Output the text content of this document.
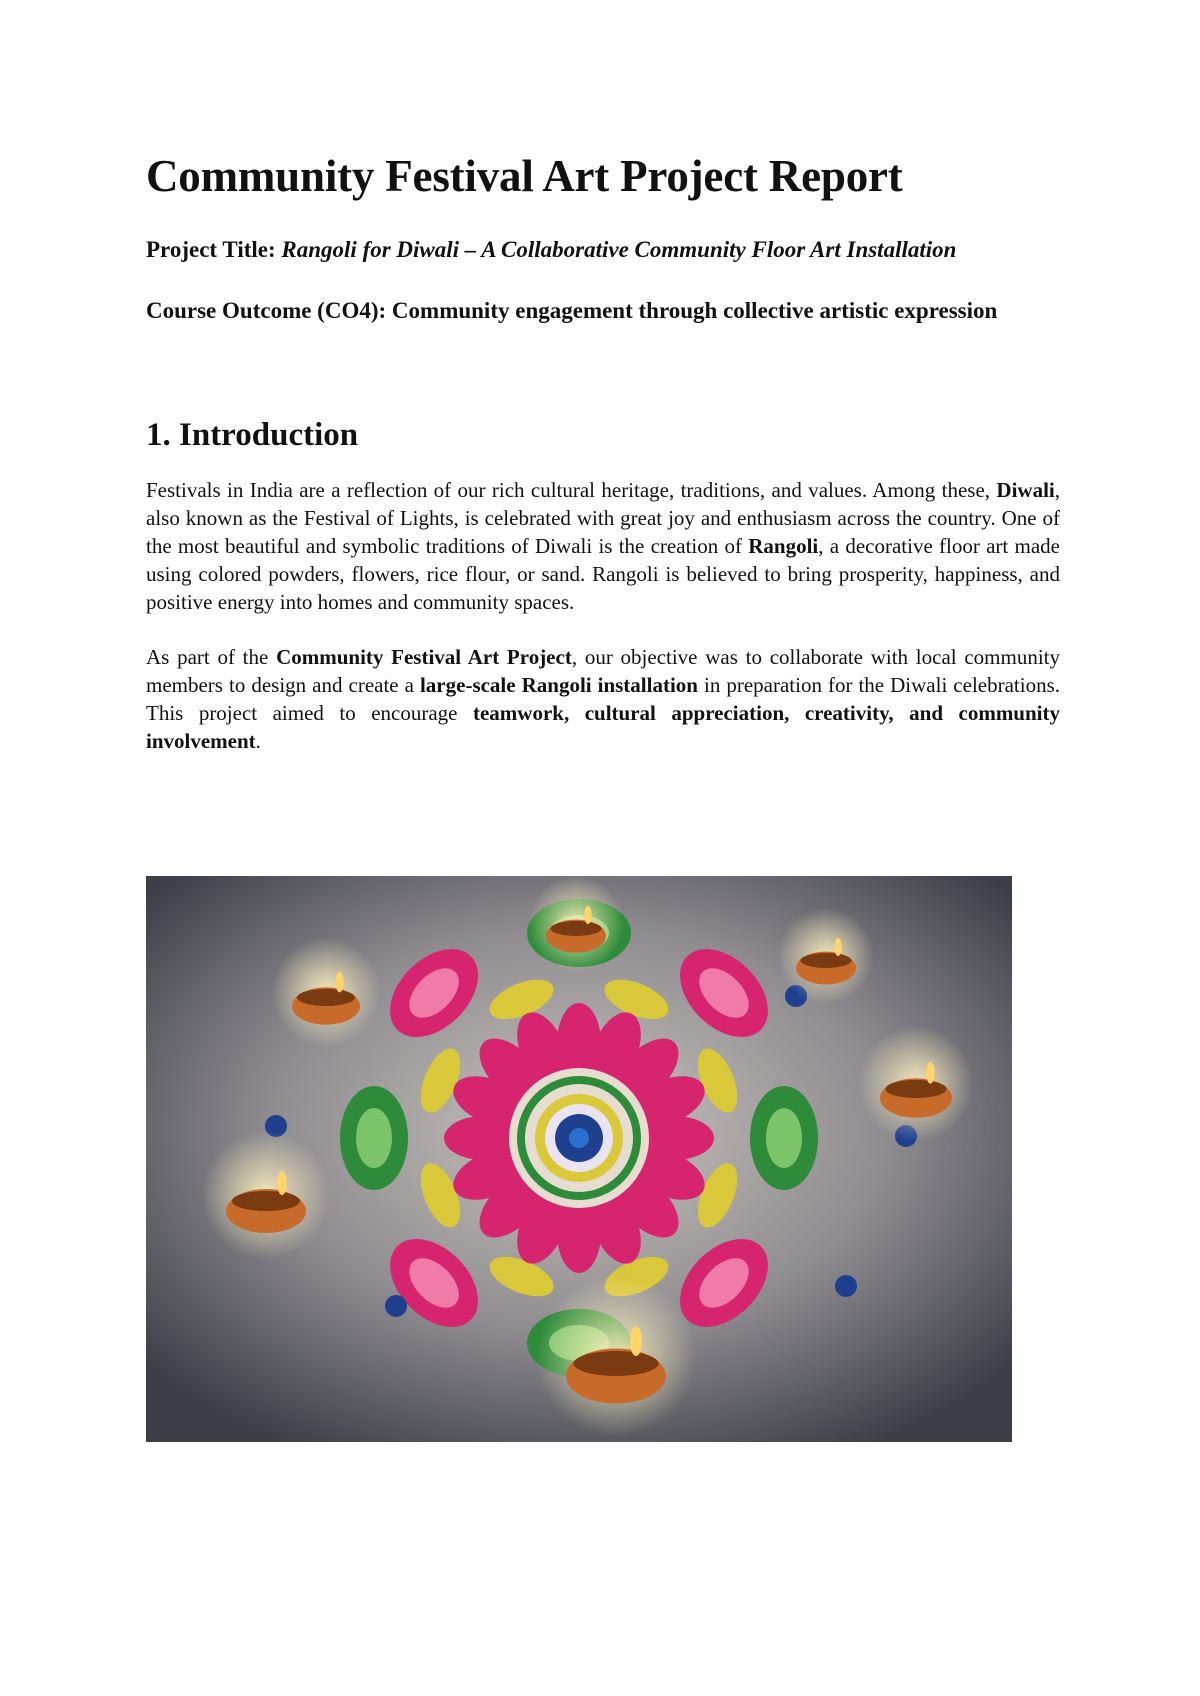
Community Festival Art Project Report

Project Title: Rangoli for Diwali – A Collaborative Community Floor Art Installation

Course Outcome (CO4): Community engagement through collective artistic expression

1. Introduction

Festivals in India are a reflection of our rich cultural heritage, traditions, and values. Among these, Diwali, also known as the Festival of Lights, is celebrated with great joy and enthusiasm across the country. One of the most beautiful and symbolic traditions of Diwali is the creation of Rangoli, a decorative floor art made using colored powders, flowers, rice flour, or sand. Rangoli is believed to bring prosperity, happiness, and positive energy into homes and community spaces.

As part of the Community Festival Art Project, our objective was to collaborate with local community members to design and create a large-scale Rangoli installation in preparation for the Diwali celebrations. This project aimed to encourage teamwork, cultural appreciation, creativity, and community involvement.
